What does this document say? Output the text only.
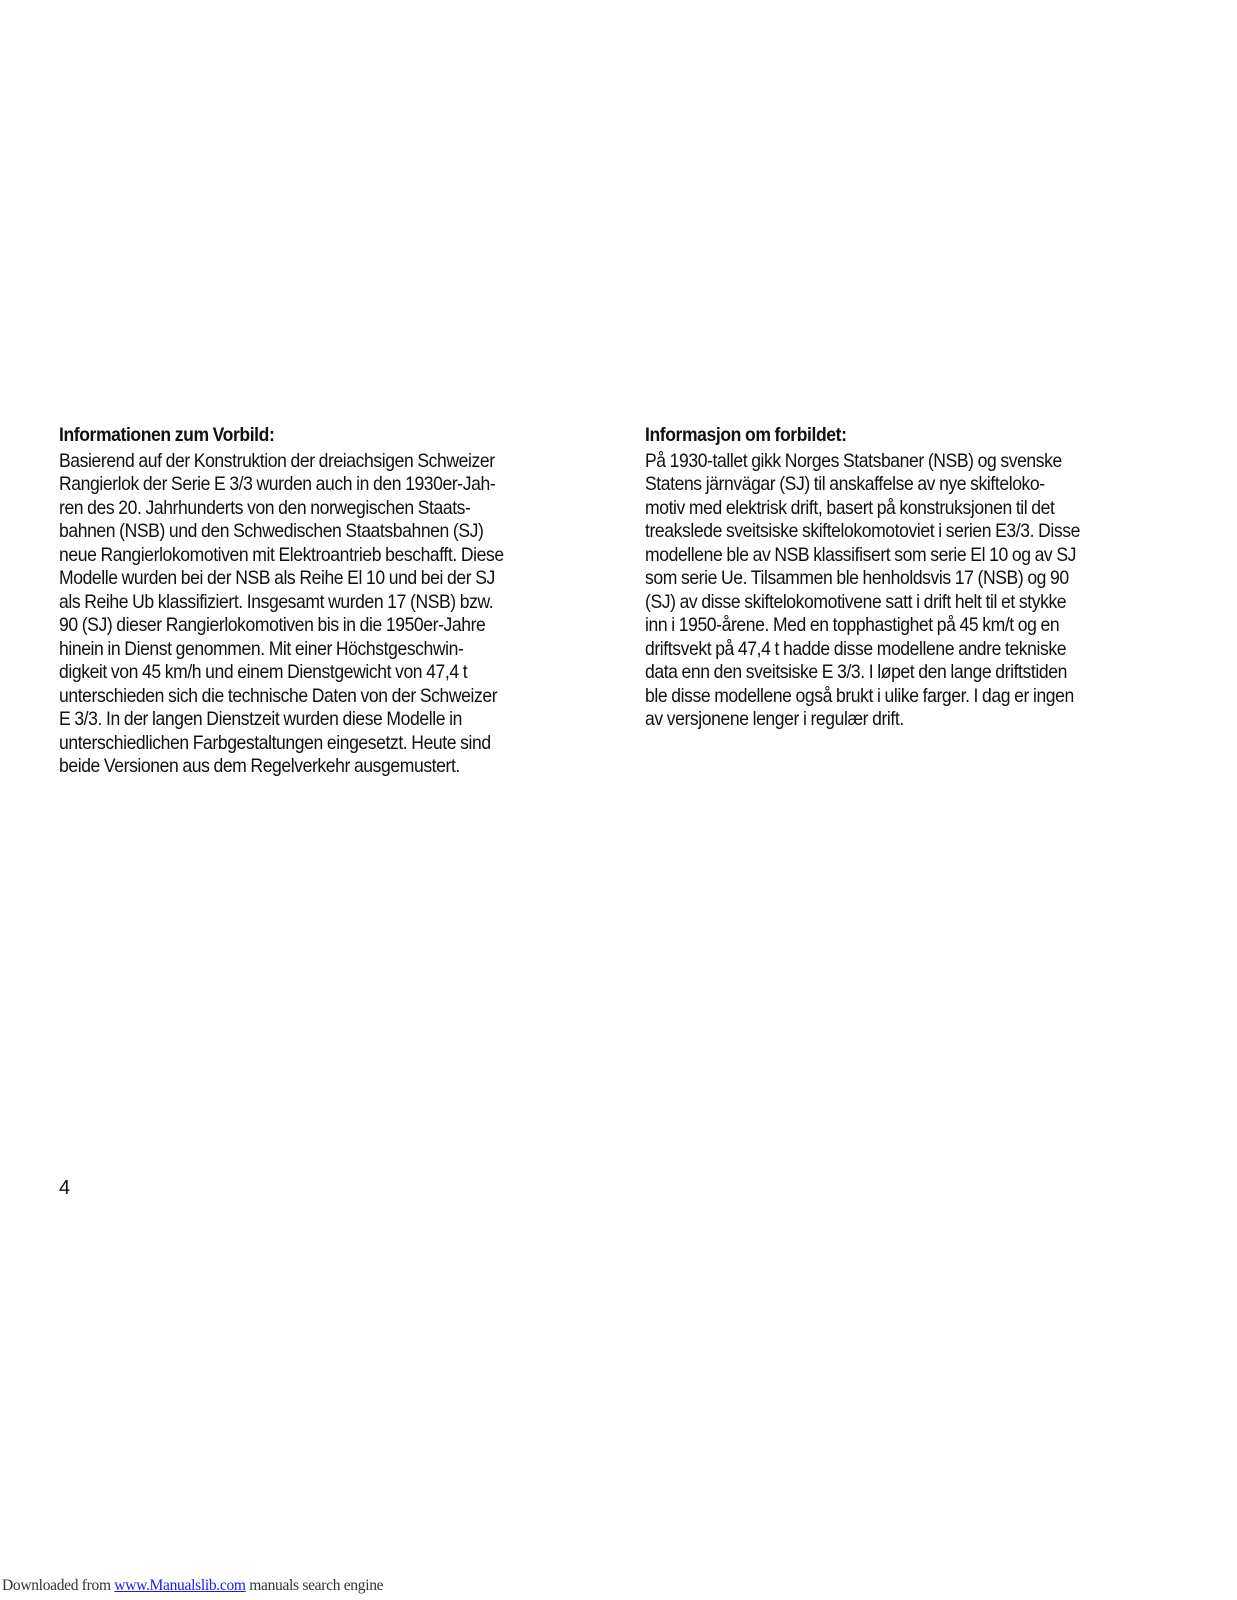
Informationen zum Vorbild:
Basierend auf der Konstruktion der dreiachsigen Schweizer
Rangierlok der Serie E 3/3 wurden auch in den 1930er-Jah-
ren des 20. Jahrhunderts von den norwegischen Staats-
bahnen (NSB) und den Schwedischen Staatsbahnen (SJ)
neue Rangierlokomotiven mit Elektroantrieb beschafft. Diese
Modelle wurden bei der NSB als Reihe El 10 und bei der SJ
als Reihe Ub klassifiziert. Insgesamt wurden 17 (NSB) bzw.
90 (SJ) dieser Rangierlokomotiven bis in die 1950er-Jahre
hinein in Dienst genommen. Mit einer Höchstgeschwin-
digkeit von 45 km/h und einem Dienstgewicht von 47,4 t
unterschieden sich die technische Daten von der Schweizer
E 3/3. In der langen Dienstzeit wurden diese Modelle in
unterschiedlichen Farbgestaltungen eingesetzt. Heute sind
beide Versionen aus dem Regelverkehr ausgemustert.
Informasjon om forbildet:
På 1930-tallet gikk Norges Statsbaner (NSB) og svenske
Statens järnvägar (SJ) til anskaffelse av nye skifteloko-
motiv med elektrisk drift, basert på konstruksjonen til det
treakslede sveitsiske skiftelokomotoviet i serien E3/3. Disse
modellene ble av NSB klassifisert som serie El 10 og av SJ
som serie Ue. Tilsammen ble henholdsvis 17 (NSB) og 90
(SJ) av disse skiftelokomotivene satt i drift helt til et stykke
inn i 1950-årene. Med en topphastighet på 45 km/t og en
driftsvekt på 47,4 t hadde disse modellene andre tekniske
data enn den sveitsiske E 3/3. I løpet den lange driftstiden
ble disse modellene også brukt i ulike farger. I dag er ingen
av versjonene lenger i regulær drift.
4
Downloaded from www.Manualslib.com manuals search engine
